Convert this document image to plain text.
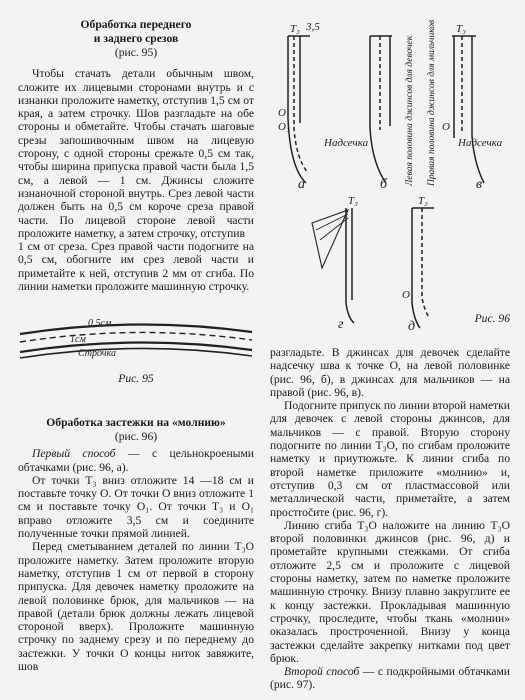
Обработка переднего
и заднего срезов
(рис. 95)

Чтобы стачать детали обычным швом, сложите их лицевыми сторонами внутрь и с изнанки проложите наметку, отступив 1,5 см от края, а затем строчку. Шов разгладьте на обе стороны и обметайте. Чтобы стачать шаговые срезы запошивочным швом на лицевую сторону, с одной стороны срежьте 0,5 см так, чтобы ширина припуска правой части была 1,5 см, а левой — 1 см. Джинсы сложите изнаночной стороной внутрь. Срез левой части должен быть на 0,5 см короче среза правой части. По лицевой стороне левой части проложите наметку, а затем строчку, отступив

1 см от среза. Срез правой части подогните на 0,5 см, обогните им срез левой части и приметайте к ней, отступив 2 мм от сгиба. По линии наметки проложите машинную строчку.

0,5см
1см
Строчка
Рис. 95
Обработка застежки на «молнию»
(рис. 96)

Первый способ — с цельнокроеными обтачками (рис. 96, а).

От точки T₃ вниз отложите 14 —18 см и поставьте точку О. От точки О вниз отложите 1 см и поставьте точку O₁. От точки T₃ и O₁ вправо отложите 3,5 см и соедините полученные точки прямой линией.

Перед сметыванием деталей по линии T₃O проложите наметку. Затем проложите вторую наметку, отступив 1 см от первой в сторону припуска. Для девочек наметку проложите на левой половинке брюк, для мальчиков — на правой (детали брюк должны лежать лицевой стороной вверх). Проложите машинную строчку по заднему срезу и по переднему до застежки. У точки О концы ниток завяжите, шов

T₃ 3,5
O
O₁
Надсечка
O
T₃
Надсечка
а	б	в
T₃	T₃
O
г	д
Левая половина джинсов для девочек Правая половина джинсов для мальчиков
Рис. 96

разгладьте. В джинсах для девочек сделайте надсечку шва к точке О, на левой половинке (рис. 96, б), в джинсах для мальчиков — на правой (рис. 96, в).

Подогните припуск по линии второй наметки для девочек с левой стороны джинсов, для мальчиков — с правой. Вторую сторону подогните по линии T₃O, по сгибам проложите наметку и приутюжьте. К линии сгиба по второй наметке приложите «молнию» и, отступив 0,3 см от пластмассовой или металлической части, приметайте, а затем простročите (рис. 96, г).

Линию сгиба T₃O наложите на линию T₃O второй половинки джинсов (рис. 96, д) и прометайте крупными стежками. От сгиба отложите 2,5 см и проложите с лицевой стороны наметку, затем по наметке проложите машинную строчку. Внизу плавно закруглите ее к концу застежки. Прокладывая машинную строчку, проследите, чтобы ткань «молнии» оказалась простроченной. Внизу у конца застежки сделайте закрепку нитками под цвет брюк.

Второй способ — с подкройными обтачками (рис. 97).
